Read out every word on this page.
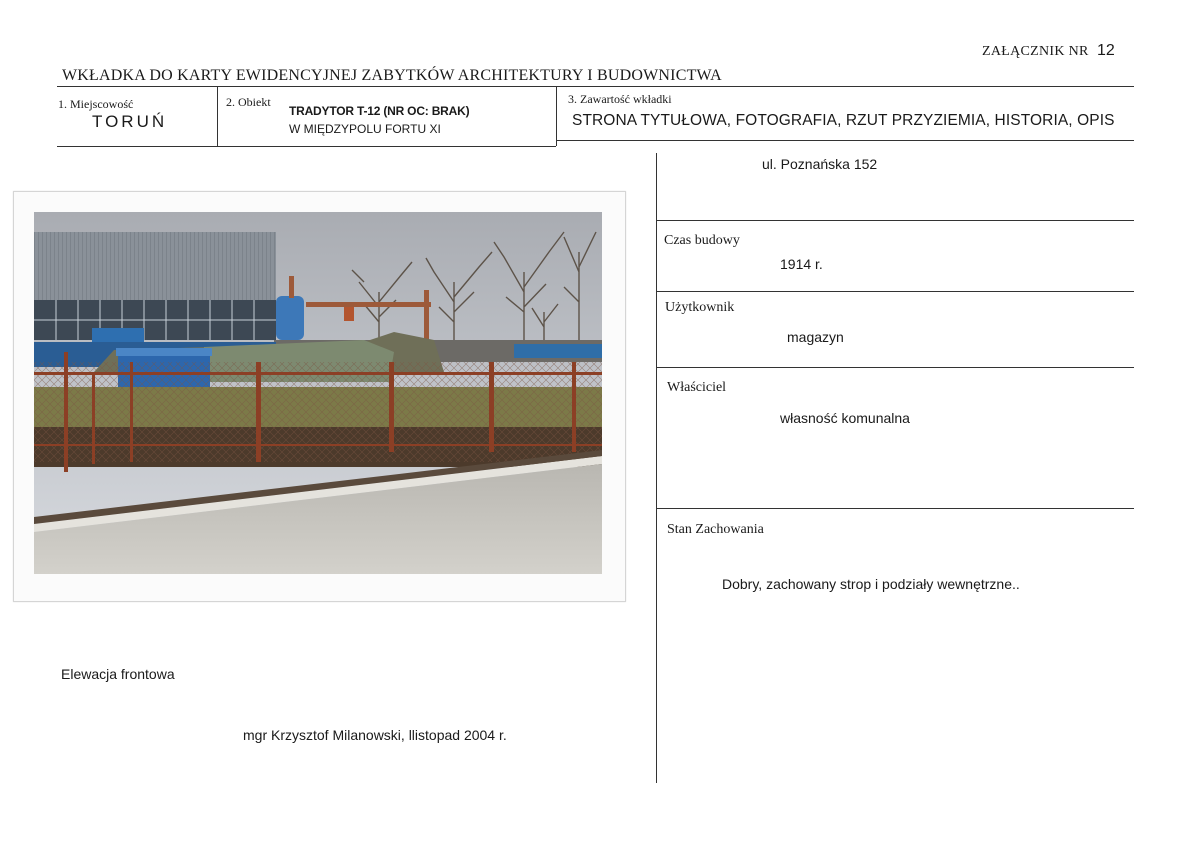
ZAŁĄCZNIK NR 12
WKŁADKA DO KARTY EWIDENCYJNEJ ZABYTKÓW ARCHITEKTURY I BUDOWNICTWA
1. Miejscowość
TORUŃ
2. Obiekt
TRADYTOR T-12 (NR OC: BRAK)
W MIĘDZYPOLU FORTU XI
3. Zawartość wkładki
STRONA TYTUŁOWA, FOTOGRAFIA, RZUT PRZYZIEMIA, HISTORIA, OPIS
Elewacja frontowa
mgr Krzysztof Milanowski, llistopad 2004 r.
ul. Poznańska 152
Czas budowy
1914 r.
Użytkownik
magazyn
Właściciel
własność komunalna
Stan Zachowania
Dobry, zachowany strop i podziały wewnętrzne..
